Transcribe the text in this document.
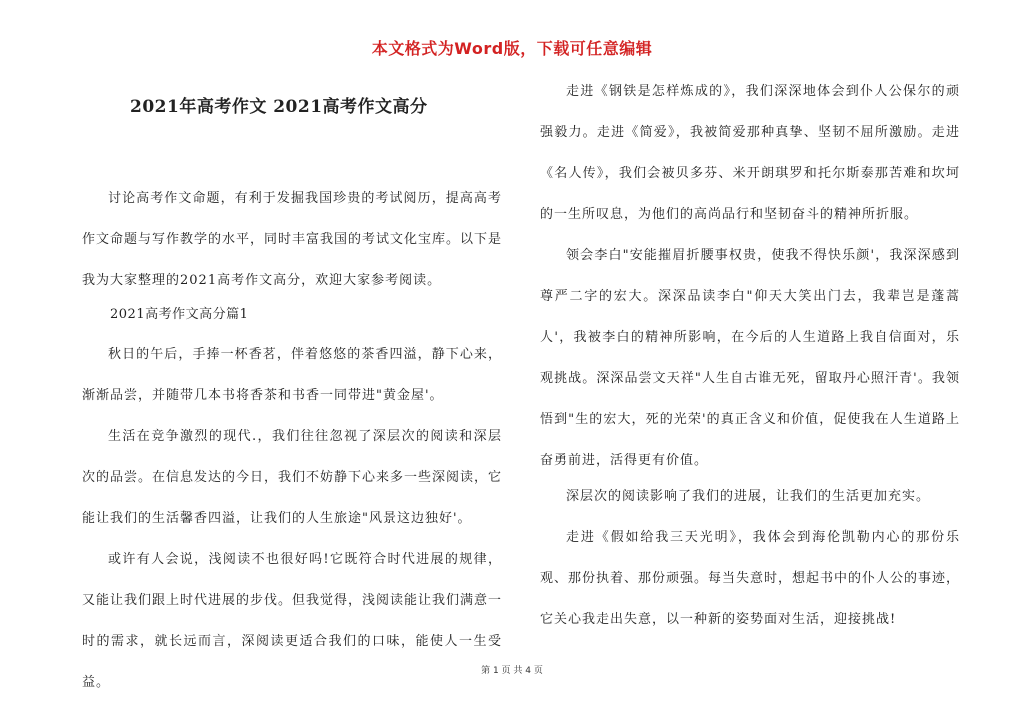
本文格式为Word版，下载可任意编辑
2021年高考作文 2021高考作文高分

讨论高考作文命题，有利于发掘我国珍贵的考试阅历，提高高考作文命题与写作教学的水平，同时丰富我国的考试文化宝库。以下是我为大家整理的2021高考作文高分，欢迎大家参考阅读。

2021高考作文高分篇1

秋日的午后，手捧一杯香茗，伴着悠悠的茶香四溢，静下心来，渐渐品尝，并随带几本书将香茶和书香一同带进"黄金屋'。

生活在竞争激烈的现代.，我们往往忽视了深层次的阅读和深层次的品尝。在信息发达的今日，我们不妨静下心来多一些深阅读，它能让我们的生活馨香四溢，让我们的人生旅途"风景这边独好'。

或许有人会说，浅阅读不也很好吗!它既符合时代进展的规律，又能让我们跟上时代进展的步伐。但我觉得，浅阅读能让我们满意一时的需求，就长远而言，深阅读更适合我们的口味，能使人一生受益。

走进《钢铁是怎样炼成的》，我们深深地体会到仆人公保尔的顽强毅力。走进《简爱》，我被简爱那种真挚、坚韧不屈所激励。走进《名人传》，我们会被贝多芬、米开朗琪罗和托尔斯泰那苦难和坎坷的一生所叹息，为他们的高尚品行和坚韧奋斗的精神所折服。

领会李白"安能摧眉折腰事权贵，使我不得快乐颜'，我深深感到尊严二字的宏大。深深品读李白"仰天大笑出门去，我辈岂是蓬蒿人'，我被李白的精神所影响，在今后的人生道路上我自信面对，乐观挑战。深深品尝文天祥"人生自古谁无死，留取丹心照汗青'。我领悟到"生的宏大，死的光荣'的真正含义和价值，促使我在人生道路上奋勇前进，活得更有价值。

深层次的阅读影响了我们的进展，让我们的生活更加充实。

走进《假如给我三天光明》，我体会到海伦凯勒内心的那份乐观、那份执着、那份顽强。每当失意时，想起书中的仆人公的事迹，它关心我走出失意，以一种新的姿势面对生活，迎接挑战!

第 1 页 共 4 页
